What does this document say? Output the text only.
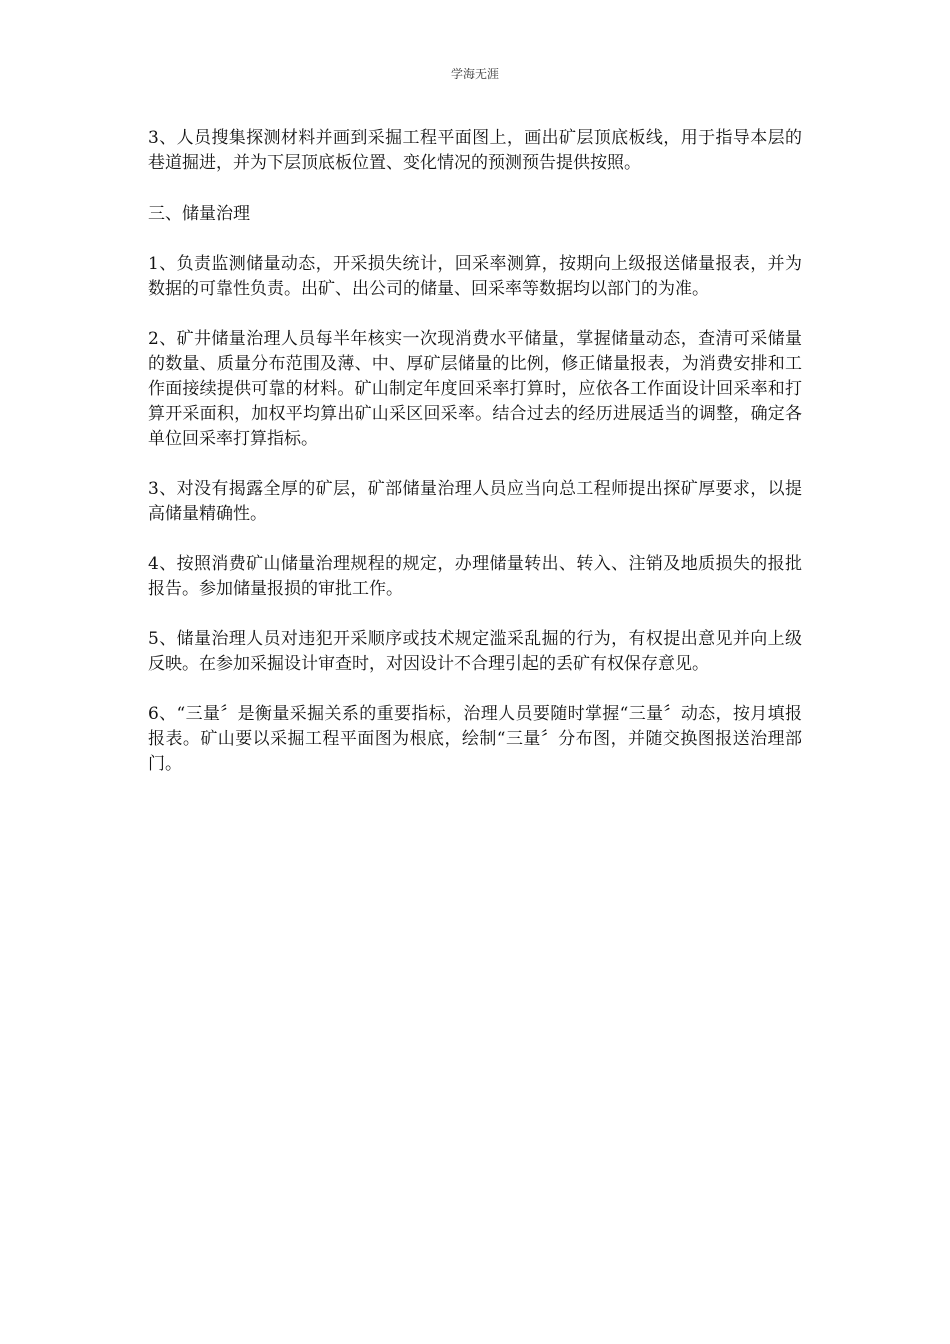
学海无涯

3、人员搜集探测材料并画到采掘工程平面图上，画出矿层顶底板线，用于指导本层的巷道掘进，并为下层顶底板位置、变化情况的预测预告提供按照。

三、储量治理

1、负责监测储量动态，开采损失统计，回采率测算，按期向上级报送储量报表，并为数据的可靠性负责。出矿、出公司的储量、回采率等数据均以部门的为准。

2、矿井储量治理人员每半年核实一次现消费水平储量，掌握储量动态，查清可采储量的数量、质量分布范围及薄、中、厚矿层储量的比例，修正储量报表，为消费安排和工作面接续提供可靠的材料。矿山制定年度回采率打算时，应依各工作面设计回采率和打算开采面积，加权平均算出矿山采区回采率。结合过去的经历进展适当的调整，确定各单位回采率打算指标。

3、对没有揭露全厚的矿层，矿部储量治理人员应当向总工程师提出探矿厚要求，以提高储量精确性。

4、按照消费矿山储量治理规程的规定，办理储量转出、转入、注销及地质损失的报批报告。参加储量报损的审批工作。

5、储量治理人员对违犯开采顺序或技术规定滥采乱掘的行为，有权提出意见并向上级反映。在参加采掘设计审查时，对因设计不合理引起的丢矿有权保存意见。

6、“三量〞是衡量采掘关系的重要指标，治理人员要随时掌握“三量〞动态，按月填报报表。矿山要以采掘工程平面图为根底，绘制“三量〞分布图，并随交换图报送治理部门。
